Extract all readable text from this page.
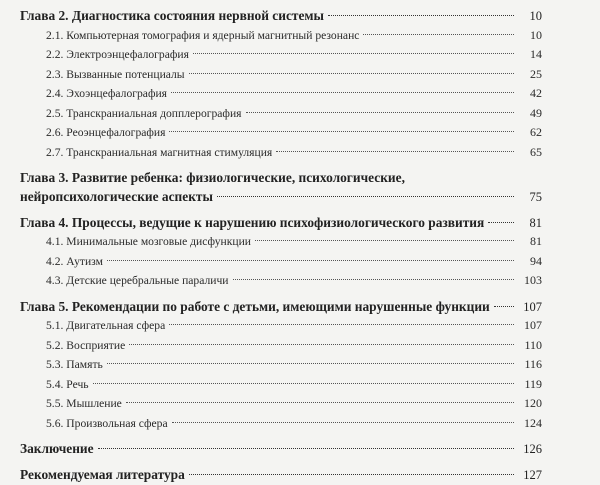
Глава 2. Диагностика состояния нервной системы	10
2.1. Компьютерная томография и ядерный магнитный резонанс	10
2.2. Электроэнцефалография	14
2.3. Вызванные потенциалы	25
2.4. Эхоэнцефалография	42
2.5. Транскраниальная допплерография	49
2.6. Реоэнцефалография	62
2.7. Транскраниальная магнитная стимуляция	65
Глава 3. Развитие ребенка: физиологические, психологические,
нейропсихологические аспекты	75
Глава 4. Процессы, ведущие к нарушению психофизиологического развития	81
4.1. Минимальные мозговые дисфункции	81
4.2. Аутизм	94
4.3. Детские церебральные параличи	103
Глава 5. Рекомендации по работе с детьми, имеющими нарушенные функции	107
5.1. Двигательная сфера	107
5.2. Восприятие	110
5.3. Память	116
5.4. Речь	119
5.5. Мышление	120
5.6. Произвольная сфера	124
Заключение	126
Рекомендуемая литература	127
